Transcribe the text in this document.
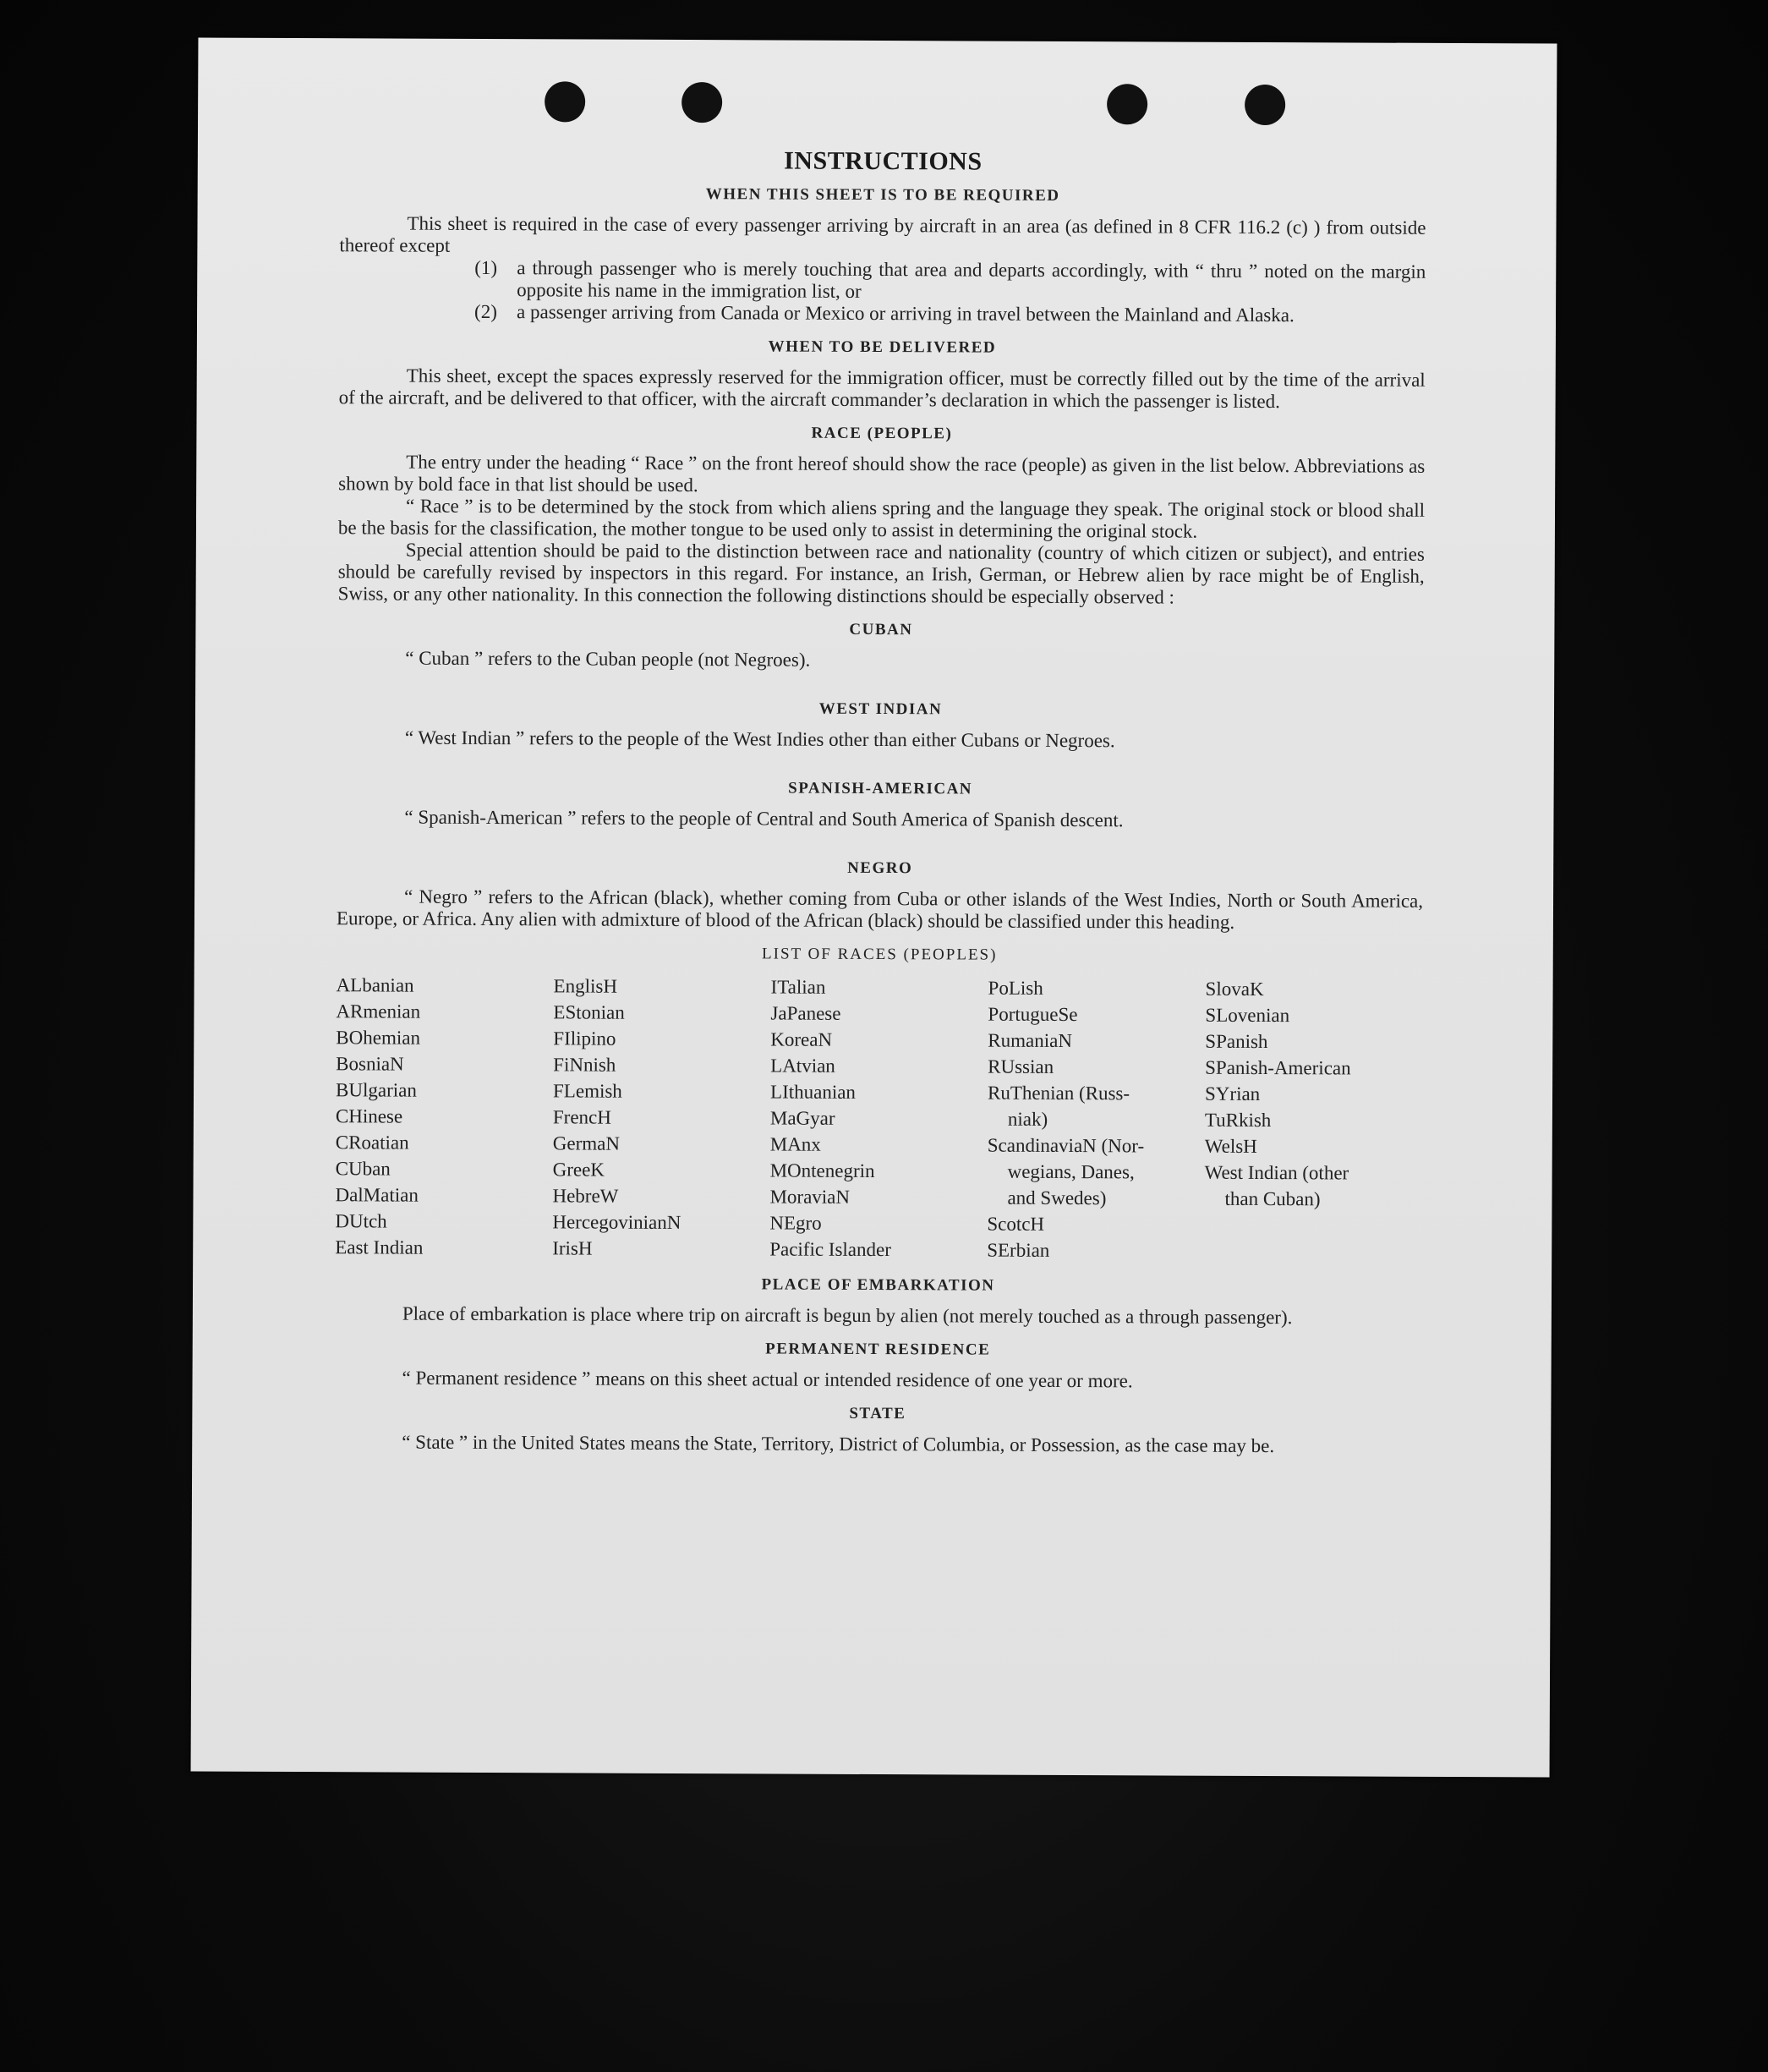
INSTRUCTIONS
WHEN THIS SHEET IS TO BE REQUIRED

This sheet is required in the case of every passenger arriving by aircraft in an area (as defined in 8 CFR 116.2 (c) ) from outside thereof except

(1)	a through passenger who is merely touching that area and departs accordingly, with “ thru ” noted on the margin opposite his name in the immigration list, or
(2)	a passenger arriving from Canada or Mexico or arriving in travel between the Mainland and Alaska.
WHEN TO BE DELIVERED

This sheet, except the spaces expressly reserved for the immigration officer, must be correctly filled out by the time of the arrival of the aircraft, and be delivered to that officer, with the aircraft commander’s declaration in which the passenger is listed.

RACE (PEOPLE)

The entry under the heading “ Race ” on the front hereof should show the race (people) as given in the list below. Abbreviations as shown by bold face in that list should be used.

“ Race ” is to be determined by the stock from which aliens spring and the language they speak. The original stock or blood shall be the basis for the classification, the mother tongue to be used only to assist in determining the original stock.

Special attention should be paid to the distinction between race and nationality (country of which citizen or subject), and entries should be carefully revised by inspectors in this regard. For instance, an Irish, German, or Hebrew alien by race might be of English, Swiss, or any other nationality. In this connection the following distinctions should be especially observed :

CUBAN

“ Cuban ” refers to the Cuban people (not Negroes).

WEST INDIAN

“ West Indian ” refers to the people of the West Indies other than either Cubans or Negroes.

SPANISH-AMERICAN

“ Spanish-American ” refers to the people of Central and South America of Spanish descent.

NEGRO

“ Negro ” refers to the African (black), whether coming from Cuba or other islands of the West Indies, North or South America, Europe, or Africa. Any alien with admixture of blood of the African (black) should be classified under this heading.

LIST OF RACES (PEOPLES)
ALbanian
ARmenian
BOhemian
BosniaN
BUlgarian
CHinese
CRoatian
CUban
DalMatian
DUtch
East Indian
EnglisH
EStonian
FIlipino
FiNnish
FLemish
FrencH
GermaN
GreeK
HebreW
HercegovinianN
IrisH
ITalian
JaPanese
KoreaN
LAtvian
LIthuanian
MaGyar
MAnx
MOntenegrin
MoraviaN
NEgro
Pacific Islander
PoLish
PortugueSe
RumaniaN
RUssian
RuThenian (Russ-
niak)
ScandinaviaN (Nor-
wegians, Danes,
and Swedes)
ScotcH
SErbian
SlovaK
SLovenian
SPanish
SPanish-American
SYrian
TuRkish
WelsH
West Indian (other
than Cuban)
PLACE OF EMBARKATION

Place of embarkation is place where trip on aircraft is begun by alien (not merely touched as a through passenger).

PERMANENT RESIDENCE

“ Permanent residence ” means on this sheet actual or intended residence of one year or more.

STATE

“ State ” in the United States means the State, Territory, District of Columbia, or Possession, as the case may be.
